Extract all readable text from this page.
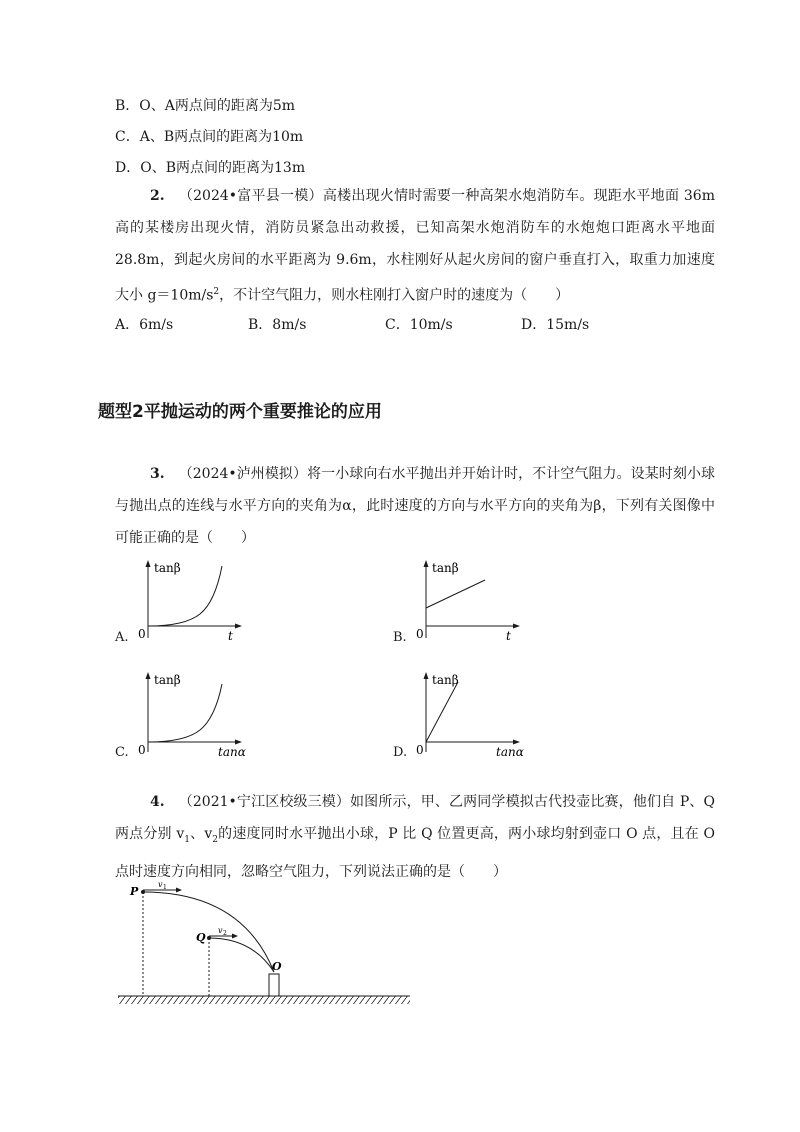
B．O、A两点间的距离为5m
C．A、B两点间的距离为10m
D．O、B两点间的距离为13m
2.  （2024•富平县一模）高楼出现火情时需要一种高架水炮消防车。现距水平地面 36m 高的某楼房出现火情，消防员紧急出动救援，已知高架水炮消防车的水炮炮口距离水平地面 28.8m，到起火房间的水平距离为 9.6m，水柱刚好从起火房间的窗户垂直打入，取重力加速度大小 $g=10m/s^2$，不计空气阻力，则水柱刚打入窗户时的速度为（　　）
A．6m/s	B．8m/s	C．10m/s	D．15m/s
题型2平抛运动的两个重要推论的应用
3.  （2024•泸州模拟）将一小球向右水平抛出并开始计时，不计空气阻力。设某时刻小球与抛出点的连线与水平方向的夹角为α，此时速度的方向与水平方向的夹角为β，下列有关图像中可能正确的是（　　）
A.
tanβ
0	t	B.
tanβ
0	t
C.
tanβ
0	tanα	D.
tanβ
0	tanα
4.  （2021•宁江区校级三模）如图所示，甲、乙两同学模拟古代投壶比赛，他们自 P、Q 两点分别 $v_1$、$v_2$的速度同时水平抛出小球，P 比 Q 位置更高，两小球均射到壶口 O 点，且在 O 点时速度方向相同，忽略空气阻力，下列说法正确的是（　　）
P
Q
O
v 1
v 2
